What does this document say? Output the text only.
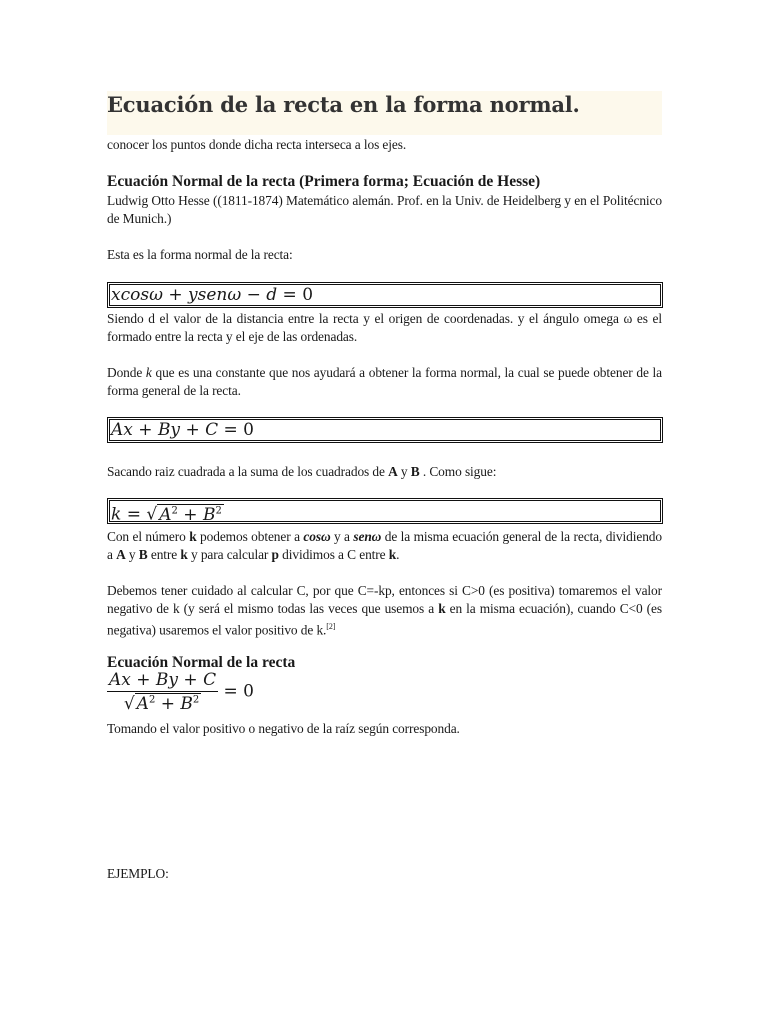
Ecuación de la recta en la forma normal.

conocer los puntos donde dicha recta interseca a los ejes.

Ecuación Normal de la recta (Primera forma; Ecuación de Hesse)

Ludwig Otto Hesse ((1811-1874) Matemático alemán. Prof. en la Univ. de Heidelberg y en el Politécnico de Munich.)

Esta es la forma normal de la recta:

xcosω + ysenω − d = 0

Siendo d el valor de la distancia entre la recta y el origen de coordenadas. y el ángulo omega ω es el formado entre la recta y el eje de las ordenadas.

Donde k que es una constante que nos ayudará a obtener la forma normal, la cual se puede obtener de la forma general de la recta.

Ax + By + C = 0

Sacando raiz cuadrada a la suma de los cuadrados de A y B . Como sigue:

k = √ $A^2 + B^2$

Con el número k podemos obtener a cosω y a senω de la misma ecuación general de la recta, dividiendo a A y B entre k y para calcular p dividimos a C entre k.

Debemos tener cuidado al calcular C, por que C=-kp, entonces si C>0 (es positiva) tomaremos el valor negativo de k (y será el mismo todas las veces que usemos a k en la misma ecuación), cuando C<0 (es negativa) usaremos el valor positivo de k.[2]

Ecuación Normal de la recta
$\frac{Ax + By + C}{√ A^2 + B^2} = 0$

Tomando el valor positivo o negativo de la raíz según corresponda.

EJEMPLO:
